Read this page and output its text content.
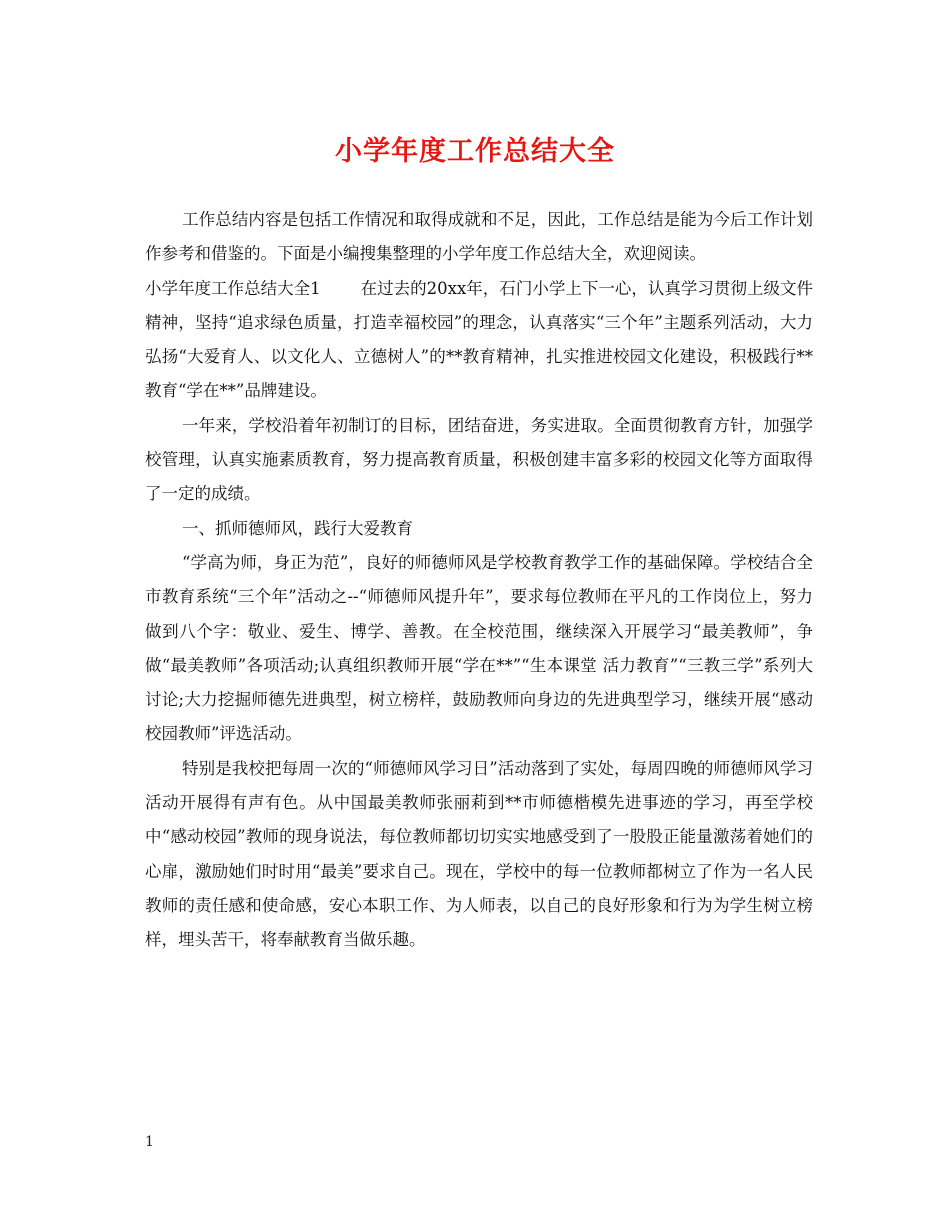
小学年度工作总结大全

工作总结内容是包括工作情况和取得成就和不足，因此，工作总结是能为今后工作计划作参考和借鉴的。下面是小编搜集整理的小学年度工作总结大全，欢迎阅读。

小学年度工作总结大全1 在过去的20xx年，石门小学上下一心，认真学习贯彻上级文件精神，坚持“追求绿色质量，打造幸福校园”的理念，认真落实“三个年”主题系列活动，大力弘扬“大爱育人、以文化人、立德树人”的**教育精神，扎实推进校园文化建设，积极践行**教育“学在**”品牌建设。

一年来，学校沿着年初制订的目标，团结奋进，务实进取。全面贯彻教育方针，加强学校管理，认真实施素质教育，努力提高教育质量，积极创建丰富多彩的校园文化等方面取得了一定的成绩。

一、抓师德师风，践行大爱教育

“学高为师，身正为范”，良好的师德师风是学校教育教学工作的基础保障。学校结合全市教育系统“三个年”活动之--“师德师风提升年”，要求每位教师在平凡的工作岗位上，努力做到八个字：敬业、爱生、博学、善教。在全校范围，继续深入开展学习“最美教师”，争做“最美教师”各项活动;认真组织教师开展“学在**”“生本课堂 活力教育”“三教三学”系列大讨论;大力挖掘师德先进典型，树立榜样，鼓励教师向身边的先进典型学习，继续开展“感动校园教师”评选活动。

特别是我校把每周一次的“师德师风学习日”活动落到了实处，每周四晚的师德师风学习活动开展得有声有色。从中国最美教师张丽莉到**市师德楷模先进事迹的学习，再至学校中“感动校园”教师的现身说法，每位教师都切切实实地感受到了一股股正能量激荡着她们的心扉，激励她们时时用“最美”要求自己。现在，学校中的每一位教师都树立了作为一名人民教师的责任感和使命感，安心本职工作、为人师表，以自己的良好形象和行为为学生树立榜样，埋头苦干，将奉献教育当做乐趣。

1
